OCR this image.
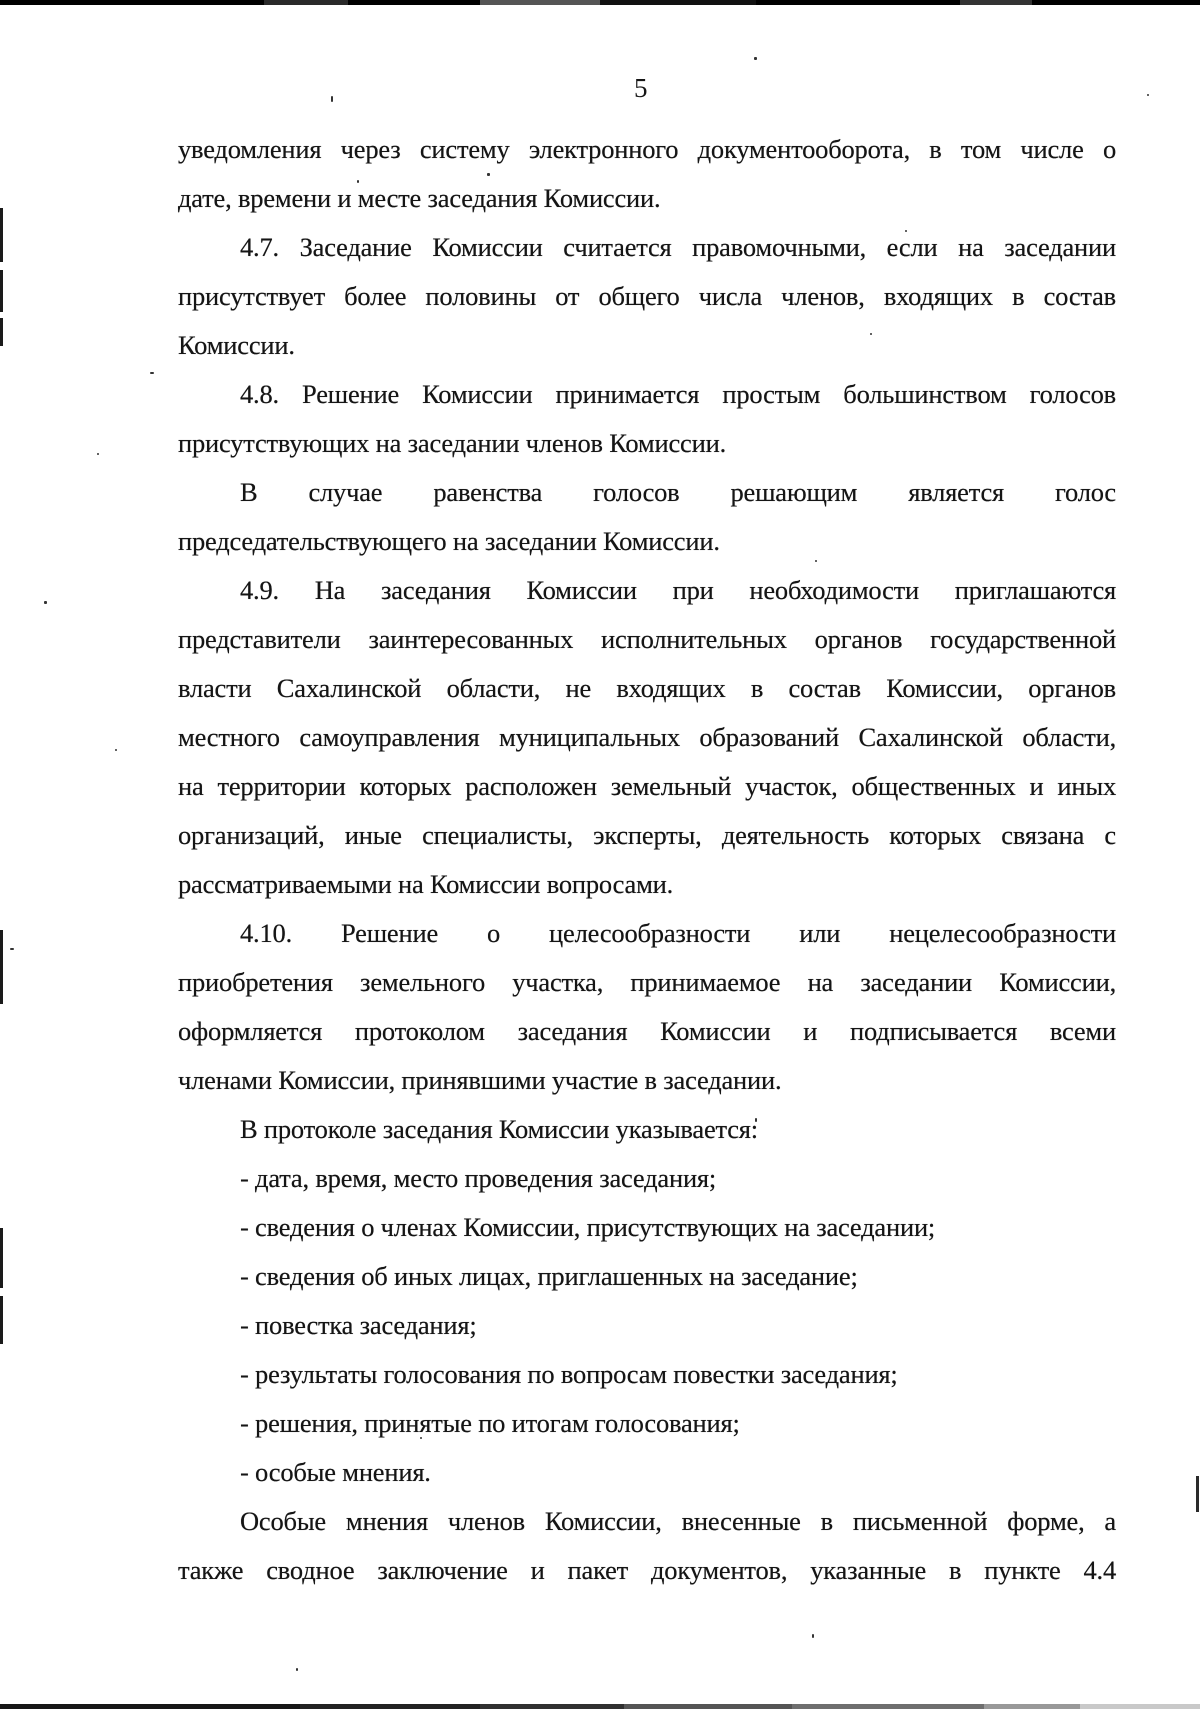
5
уведомления через систему электронного документооборота, в том числе о
дате, времени и месте заседания Комиссии.
4.7. Заседание Комиссии считается правомочными, если на заседании
присутствует более половины от общего числа членов, входящих в состав
Комиссии.
4.8. Решение Комиссии принимается простым большинством голосов
присутствующих на заседании членов Комиссии.
В случае равенства голосов решающим является голос
председательствующего на заседании Комиссии.
4.9. На заседания Комиссии при необходимости приглашаются
представители заинтересованных исполнительных органов государственной
власти Сахалинской области, не входящих в состав Комиссии, органов
местного самоуправления муниципальных образований Сахалинской области,
на территории которых расположен земельный участок, общественных и иных
организаций, иные специалисты, эксперты, деятельность которых связана с
рассматриваемыми на Комиссии вопросами.
4.10. Решение о целесообразности или нецелесообразности
приобретения земельного участка, принимаемое на заседании Комиссии,
оформляется протоколом заседания Комиссии и подписывается всеми
членами Комиссии, принявшими участие в заседании.
В протоколе заседания Комиссии указывается:
- дата, время, место проведения заседания;
- сведения о членах Комиссии, присутствующих на заседании;
- сведения об иных лицах, приглашенных на заседание;
- повестка заседания;
- результаты голосования по вопросам повестки заседания;
- решения, принятые по итогам голосования;
- особые мнения.
Особые мнения членов Комиссии, внесенные в письменной форме, а
также сводное заключение и пакет документов, указанные в пункте 4.4
